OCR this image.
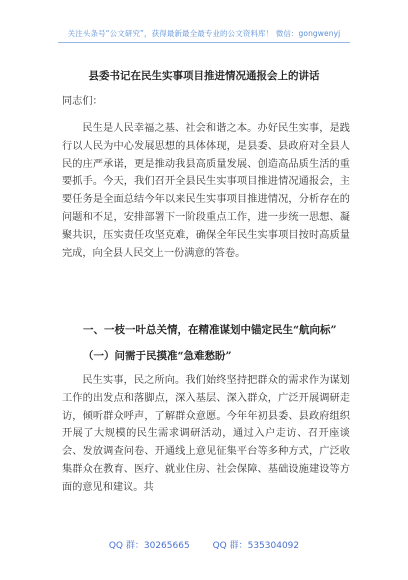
关注头条号“公文研究”，获得最新最全最专业的公文资料库！ 微信：gongwenyj
县委书记在民生实事项目推进情况通报会上的讲话
同志们：
民生是人民幸福之基、社会和谐之本。办好民生实事，是践行以人民为中心发展思想的具体体现，是县委、县政府对全县人民的庄严承诺，更是推动我县高质量发展、创造高品质生活的重要抓手。今天，我们召开全县民生实事项目推进情况通报会，主要任务是全面总结今年以来民生实事项目推进情况，分析存在的问题和不足，安排部署下一阶段重点工作，进一步统一思想、凝聚共识，压实责任攻坚克难，确保全年民生实事项目按时高质量完成，向全县人民交上一份满意的答卷。
一、一枝一叶总关情，在精准谋划中锚定民生“航向标”
（一）问需于民摸准“急难愁盼”
民生实事，民之所向。我们始终坚持把群众的需求作为谋划工作的出发点和落脚点，深入基层、深入群众，广泛开展调研走访，倾听群众呼声，了解群众意愿。今年年初县委、县政府组织开展了大规模的民生需求调研活动，通过入户走访、召开座谈会、发放调查问卷、开通线上意见征集平台等多种方式，广泛收集群众在教育、医疗、就业住房、社会保障、基础设施建设等方面的意见和建议。共
QQ 群：30265665	QQ 群：535304092
